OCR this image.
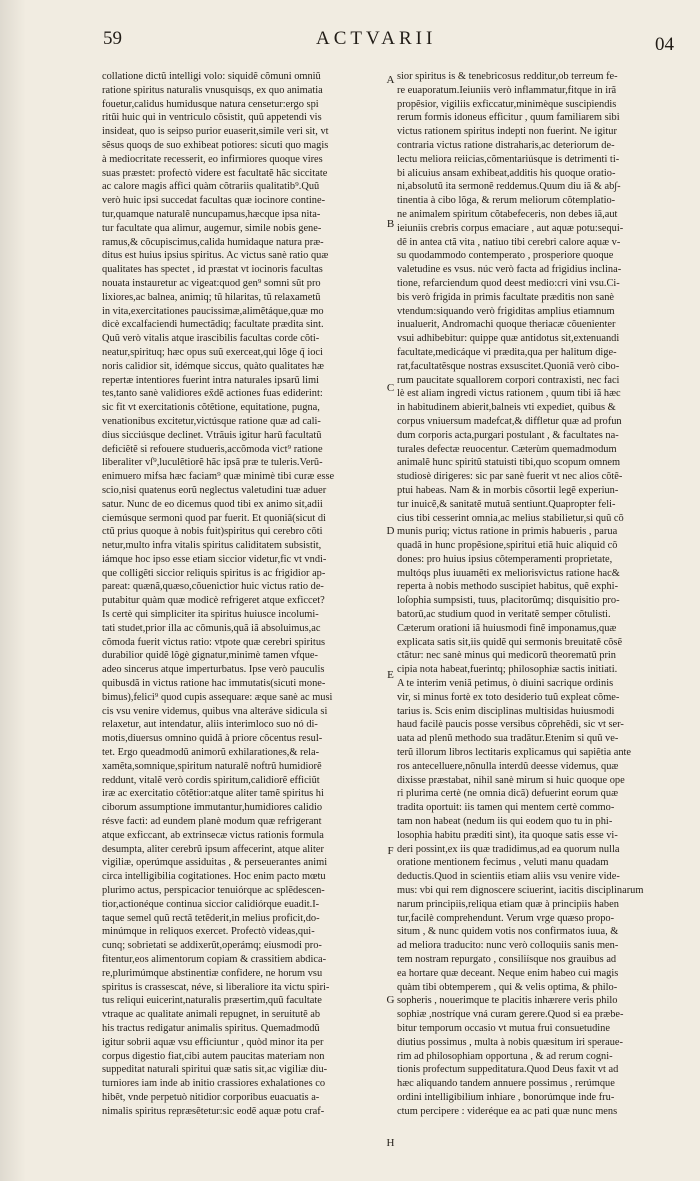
59	ACTVARII	04
collatione dictũ intelligi volo: siquidẽ cõmuni omniũ
ratione spiritus naturalis vnusquisqs, ex quo animatia
fouetur,calidus humidusque natura censetur:ergo spi
ritũi huic qui in ventriculo cõsistit, quũ appetendi vis
insideat, quo is seipso purior euaserit,simile veri sit, vt
sẽsus quoqs de suo exhibeat potiores: sicuti quo magis
à mediocritate recesserit, eo infirmiores quoque vires
suas præstet: profectò videre est facultatẽ hãc siccitate
ac calore magis affici quàm cõtrariis qualitatib⁹.Quũ
verò huic ipsi succedat facultas quæ iocinore contine-
tur,quamque naturalẽ nuncupamus,hæcque ipsa nita-
tur facultate qua alimur, augemur, simile nobis gene-
ramus,& cõcupiscimus,calida humidaque natura præ-
ditus est huius ipsius spiritus. Ac victus sanè ratio quæ
qualitates has spectet , id præstat vt iocinoris facultas
nouata instauretur ac vigeat:quod gen⁹ somni sũt pro
lixiores,ac balnea, animiq; tũ hilaritas, tũ relaxametũ
in vita,exercitationes paucissimæ,alimẽtáque,quæ mo
dicè excalfaciendi humectãdiq; facultate prædita sint.
Quũ verò vitalis atque irascibilis facultas corde cõti-
neatur,spirituq; hæc opus suũ exerceat,qui lõge q̃ ioci
noris calidior sit, idémque siccus, quàto qualitates hæ
repertæ intentiores fuerint intra naturales ipsarũ limi
tes,tanto sanè validiores ex̃dẽ actiones fuas ediderint:
sic fit vt exercitationis cõtẽtione, equitatione, pugna,
venationibus excitetur,victúsque ratione quæ ad cali-
dius sicciúsque declinet. Vtrãuis igitur harũ facultatũ
deficiẽtẽ si refouere studueris,accõmoda vict⁹ ratione
liberaliter vſ⁹,luculẽtiorẽ hãc ipsã præ te tuleris.Verũ-
enimuero mifsa hæc faciam⁹ quæ minimè tibi curæ esse
scio,nisi quatenus eorũ neglectus valetudini tuæ aduer
satur. Nunc de eo dicemus quod tibi ex animo sit,adii
ciemúsque sermoni quod par fuerit. Et quoniã(sicut di
ctũ prius quoque à nobis fuit)spiritus qui cerebro cõti
netur,multo infra vitalis spiritus caliditatem subsistit,
iámque hoc ipso esse etiam siccior videtur,fic vt vndi-
que colligẽti siccior reliquis spiritus is ac frigidior ap-
pareat: quænã,quæso,cõuenictior huic victus ratio de-
putabitur quàm quæ modicè refrigeret atque exficcet?
Is certè qui simpliciter ita spiritus huiusce incolumi-
tati studet,prior illa ac cõmunis,quã iã absoluimus,ac
cõmoda fuerit victus ratio: vtpote quæ cerebri spiritus
durabilior quidẽ lõgè gignatur,minimè tamen vfque-
adeo sincerus atque imperturbatus. Ipse verò pauculis
quibusdã in victus ratione hac immutatis(sicuti mone-
bimus),felici⁹ quod cupis assequare: æque sanè ac musi
cis vsu venire videmus, quibus vna alteráve sidicula si
relaxetur, aut intendatur, aliis interimloco suo nó di-
motis,diuersus omnino quidã à priore cõcentus resul-
tet. Ergo queadmodũ animorũ exhilarationes,& rela-
xamẽta,somnique,spiritum naturalẽ noftrũ humidiorẽ
reddunt, vitalẽ verò cordis spiritum,calidiorẽ efficiũt
iræ ac exercitatio cõtẽtior:atque aliter tamẽ spiritus hi
ciborum assumptione immutantur,humidiores calidio
résve factì: ad eundem planè modum quæ refrigerant
atque exficcant, ab extrinsecæ victus rationis formula
desumpta, aliter cerebrũ ipsum affecerint, atque aliter
vigiliæ, operúmque assiduitas , & perseuerantes animi
circa intelligibilia cogitationes. Hoc enim pacto mœtu
plurimo actus, perspicacior tenuiórque ac splẽdescen-
tior,actionéque continua siccior calidiórque euadit.I-
taque semel quũ rectã tetẽderit,in melius proficit,do-
minúmque in reliquos exercet. Profectò videas,qui-
cunq; sobrietati se addixerũt,operámq; eiusmodi pro-
fitentur,eos alimentorum copiam & crassitiem abdica-
re,plurimúmque abstinentiæ confidere, ne horum vsu
spiritus is crassescat, néve, si liberaliore ita victu spiri-
tus reliqui euicerint,naturalis præsertim,quũ facultate
vtraque ac qualitate animali repugnet, in seruitutẽ ab
his tractus redigatur animalis spiritus. Quemadmodũ
igitur sobrii aquæ vsu efficiuntur , quòd minor ita per
corpus digestio fiat,cibi autem paucitas materiam non
suppeditat naturali spiritui quæ satis sit,ac vigiliæ diu-
turniores iam inde ab initio crassiores exhalationes co
hibẽt, vnde perpetuò nitidior corporibus euacuatis a-
nimalis spiritus repræsẽtetur:sic eodẽ aquæ potu craf-
A
B
C
D
E
F
G
H
sior spiritus is & tenebricosus redditur,ob terreum fe-
re euaporatum.Ieiuniis verò inflammatur,fitque in irã
propẽsior, vigiliis exficcatur,minimèque suscipiendis
rerum formis idoneus efficitur , quum familiarem sibi
victus rationem spiritus indepti non fuerint. Ne igitur
contraria victus ratione distraharis,ac deteriorum de-
lectu meliora reiicias,cõmentariúsque is detrimenti ti-
bi alicuius ansam exhibeat,additis his quoque oratio-
ni,absolutũ ita sermonẽ reddemus.Quum diu iã & ab∫-
tinentia à cibo lõga, & rerum meliorum cõtemplatio-
ne animalem spiritum cõtabefeceris, non debes iã,aut
ieiuniis crebris corpus emaciare , aut aquæ potu:sequi-
dẽ in antea ctã vita , natiuo tibi cerebri calore aquæ v-
su quodammodo contemperato , prosperiore quoque
valetudine es vsus. núc verò facta ad frigidius inclina-
tione, refarciendum quod deest medio:cri vini vsu.Ci-
bis verò frigida in primis facultate præditis non sanè
vtendum:siquando verò frigiditas amplius etiamnum
inualuerit, Andromachi quoque theriacæ cõuenienter
vsui adhibebitur: quippe quæ antidotus sit,extenuandi
facultate,medicáque vi prædita,qua per halitum dige-
rat,facultatẽsque nostras exsuscitet.Quoniã verò cibo-
rum paucitate squallorem corpori contraxisti, nec faci
lè est aliam ingredi victus rationem , quum tibi iã hæc
in habitudinem abierit,balneis vti expediet, quibus &
corpus vniuersum madefcat,& diffletur quæ ad profun
dum corporis acta,purgari postulant , & facultates na-
turales defectæ reuocentur. Cæterùm quemadmodum
animalẽ hunc spiritũ statuisti tibi,quo scopum omnem
studiosè dirigeres: sic par sanè fuerit vt nec alios cõtẽ-
ptui habeas. Nam & in morbis cõsortii legẽ experiun-
tur inuicẽ,& sanitatẽ mutuã sentiunt.Quapropter feli-
cius tibi cesserint omnia,ac melius stabilietur,si quũ cõ
munis puriq; victus ratione in primis habueris , parua
quadã in hunc propẽsione,spiritui etiã huic aliquid cõ
dones: pro huius ipsius cõtemperamenti proprietate,
multóqs plus iuuamẽti ex meliorisvictus ratione hac&
reperta à nobis methodo suscipiet habitus, quẽ exphi-
loſophia sumpsisti, tuus, placitorũmq; disquisitio pro-
batorũ,ac studium quod in veritatẽ semper cõtulisti.
Cæterum orationi iã huiusmodi finẽ imponamus,quæ
explicata satis sit,iis quidẽ qui sermonis breuitatẽ cõsẽ
ctãtur: nec sanè minus qui medicorũ theorematũ prin
cipia nota habeat,fuerintq; philosophiæ sactis initiati.
A te interim veniã petimus, ò diuini sacrique ordinis
vir, si minus fortè ex toto desiderio tuũ expleat cõme-
tarius is. Scis enim disciplinas multisidas huiusmodi
haud facilè paucis posse versibus cõprehẽdi, sic vt ser-
uata ad plenũ methodo sua tradãtur.Etenim si quũ ve-
terũ illorum libros lectitaris explicamus qui sapiẽtia ante
ros antecelluere,nõnulla interdũ deesse videmus, quæ
dixisse præstabat, nihil sanè mirum si huic quoque ope
ri plurima certè (ne omnia dicã) defuerint eorum quæ
tradita oportuit: iis tamen qui mentem certè commo-
tam non habeat (nedum iis qui eodem quo tu in phi-
losophia habitu præditi sint), ita quoque satis esse vi-
deri possint,ex iis quæ tradidimus,ad ea quorum nulla
oratione mentionem fecimus , veluti manu quadam
deductis.Quod in scientiis etiam aliis vsu venire vide-
mus: vbi qui rem dignoscere sciuerint, iacitis disciplinarum
narum principiis,reliqua etiam quæ à principiis haben
tur,facilè comprehendunt. Verum vrge quæso propo-
situm , & nunc quidem votis nos confirmatos iuua, &
ad meliora traducito: nunc verò colloquiis sanis men-
tem nostram repurgato , consiliísque nos grauibus ad
ea hortare quæ deceant. Neque enim habeo cui magis
quàm tibi obtemperem , qui & velis optima, & philo-
sopheris , nouerimque te placitis inhærere veris philo
sophiæ ,nostríque vná curam gerere.Quod si ea præbe-
bitur temporum occasio vt mutua frui consuetudine
diutius possimus , multa à nobis quæsitum iri speraue-
rim ad philosophiam opportuna , & ad rerum cogni-
tionis profectum suppeditatura.Quod Deus faxit vt ad
hæc aliquando tandem annuere possimus , rerúmque
ordini intelligibilium inhiare , bonorúmque inde fru-
ctum percipere : videréque ea ac pati quæ nunc mens
